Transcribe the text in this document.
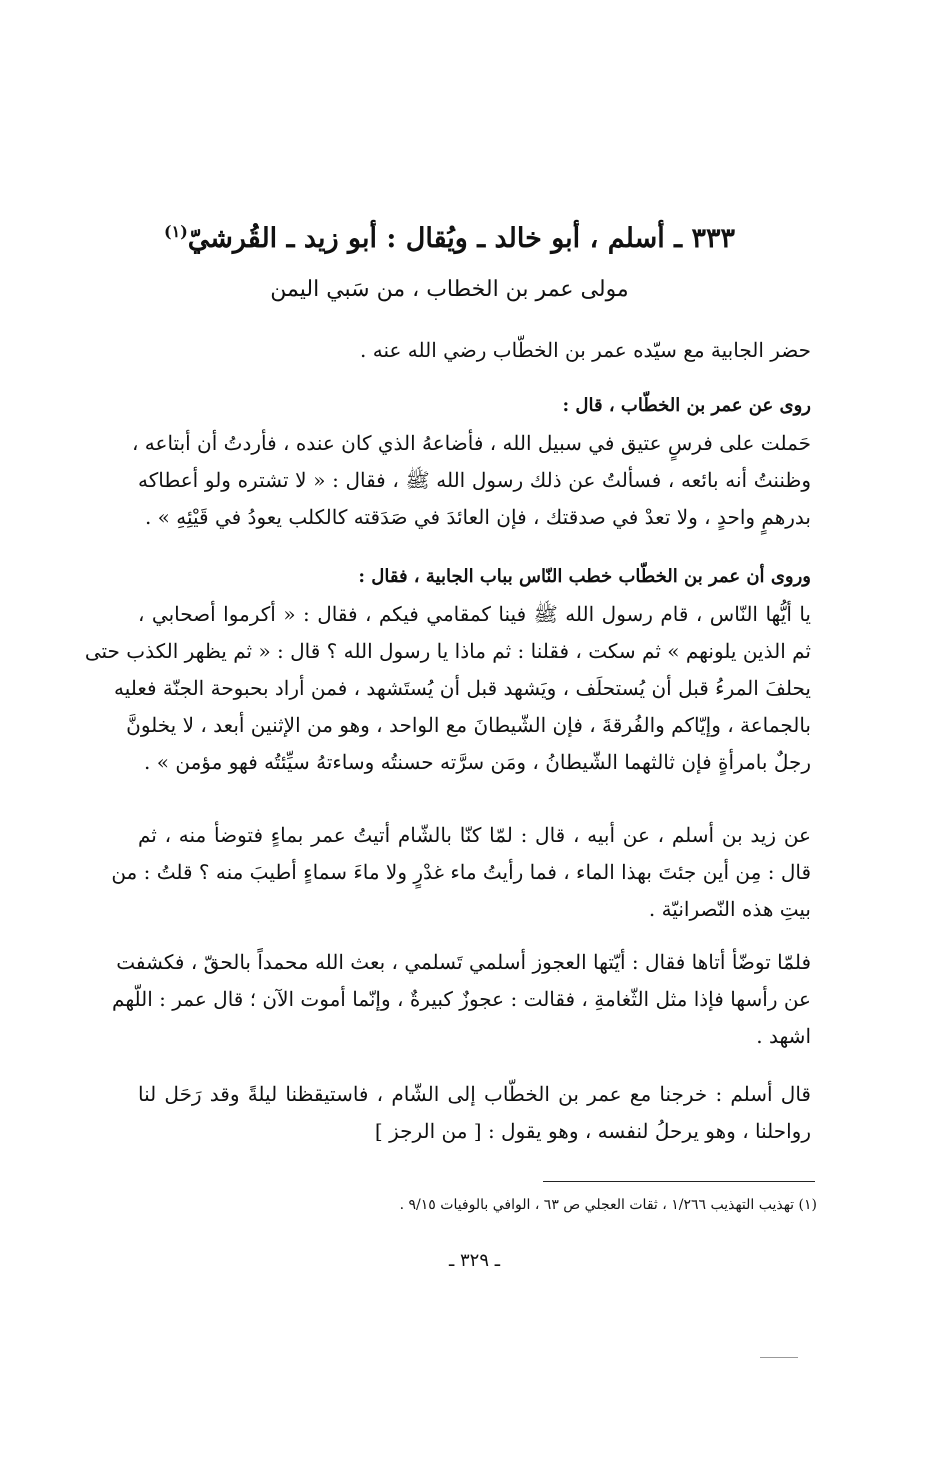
٣٣٣ ـ أسلم ، أبو خالد ـ ويُقال : أبو زيد ـ القُرشيّ$^{(١)}$
مولى عمر بن الخطاب ، من سَبي اليمن
حضر الجابية مع سيّده عمر بن الخطّاب رضي الله عنه .
روى عن عمر بن الخطّاب ، قال :
حَملت على فرسٍ عتيق في سبيل الله ، فأضاعهُ الذي كان عنده ، فأردتُ أن أبتاعه ،
وظننتُ أنه بائعه ، فسألتُ عن ذلك رسول الله ﷺ ، فقال : « لا تشتره ولو أعطاكه
بدرهمٍ واحدٍ ، ولا تعدْ في صدقتك ، فإن العائدَ في صَدَقته كالكلب يعودُ في قَيْئِهِ » .
وروى أن عمر بن الخطّاب خطب النّاس بباب الجابية ، فقال :
يا أيُّها النّاس ، قام رسول الله ﷺ فينا كمقامي فيكم ، فقال : « أكرموا أصحابي ،
ثم الذين يلونهم » ثم سكت ، فقلنا : ثم ماذا يا رسول الله ؟ قال : « ثم يظهر الكذب حتى
يحلفَ المرءُ قبل أن يُستحلَف ، ويَشهد قبل أن يُستَشهد ، فمن أراد بحبوحة الجنّة فعليه
بالجماعة ، وإيّاكم والفُرقةَ ، فإن الشّيطانَ مع الواحد ، وهو من الإثنين أبعد ، لا يخلونَّ
رجلٌ بامرأةٍ فإن ثالثهما الشّيطانُ ، ومَن سرَّته حسنتُه وساءتهُ سيِّئتُه فهو مؤمن » .
عن زيد بن أسلم ، عن أبيه ، قال : لمّا كنّا بالشّام أتيتُ عمر بماءٍ فتوضأ منه ، ثم
قال : مِن أين جئتَ بهذا الماء ، فما رأيتُ ماء غدْرٍ ولا ماءَ سماءٍ أطيبَ منه ؟ قلتُ : من
بيتِ هذه النّصرانيّة .
فلمّا توضّأ أتاها فقال : أيّتها العجوز أسلمي تَسلمي ، بعث الله محمداً بالحقّ ، فكشفت
عن رأسها فإذا مثل الثّغامةِ ، فقالت : عجوزٌ كبيرةٌ ، وإنّما أموت الآن ؛ قال عمر : اللّهم
اشهد .
قال أسلم : خرجنا مع عمر بن الخطّاب إلى الشّام ، فاستيقظنا ليلةً وقد رَحَل لنا
رواحلنا ، وهو يرحلُ لنفسه ، وهو يقول : [ من الرجز ]
(١) تهذيب التهذيب ١/٢٦٦ ، ثقات العجلي ص ٦٣ ، الوافي بالوفيات ٩/١٥ .
ـ ٣٢٩ ـ
